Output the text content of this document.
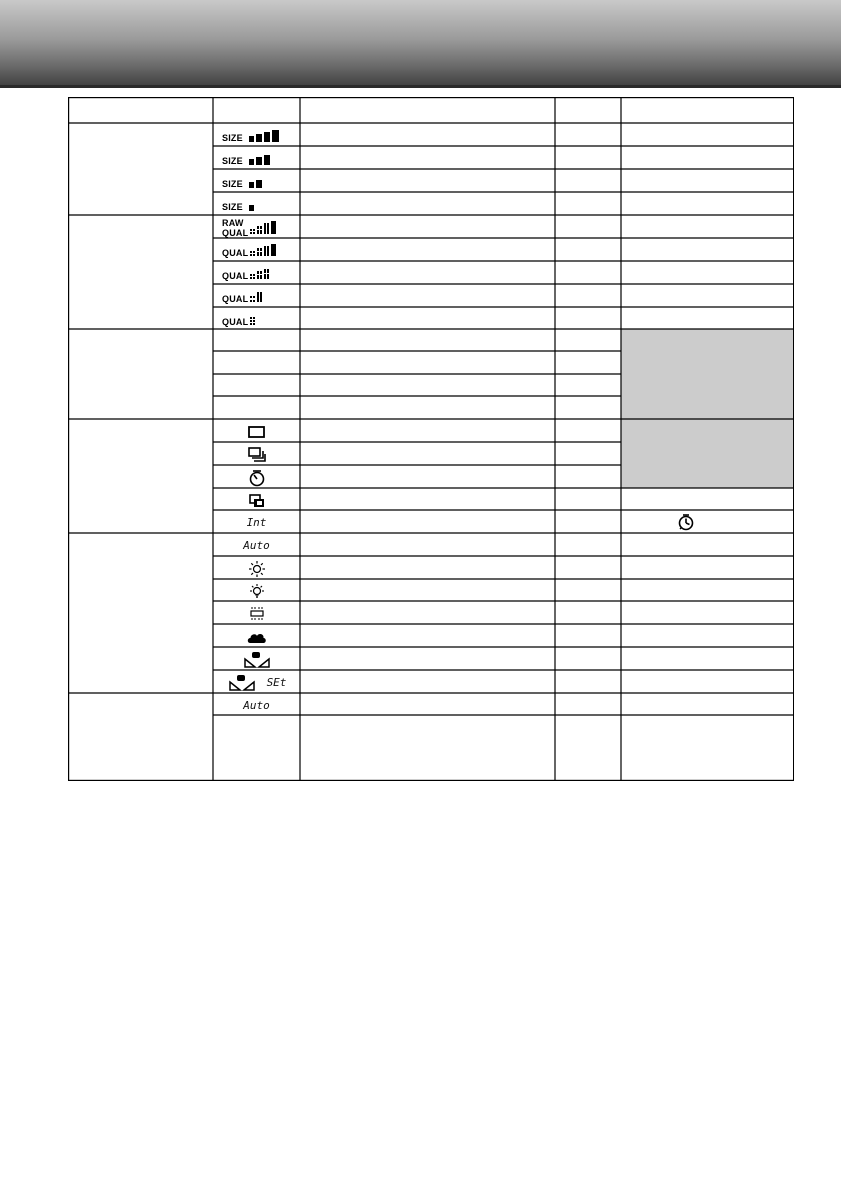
SIZE
SIZE
SIZE
SIZE
RAW
QUAL
QUAL
QUAL
QUAL
QUAL
Int
Auto
SEt
Auto
